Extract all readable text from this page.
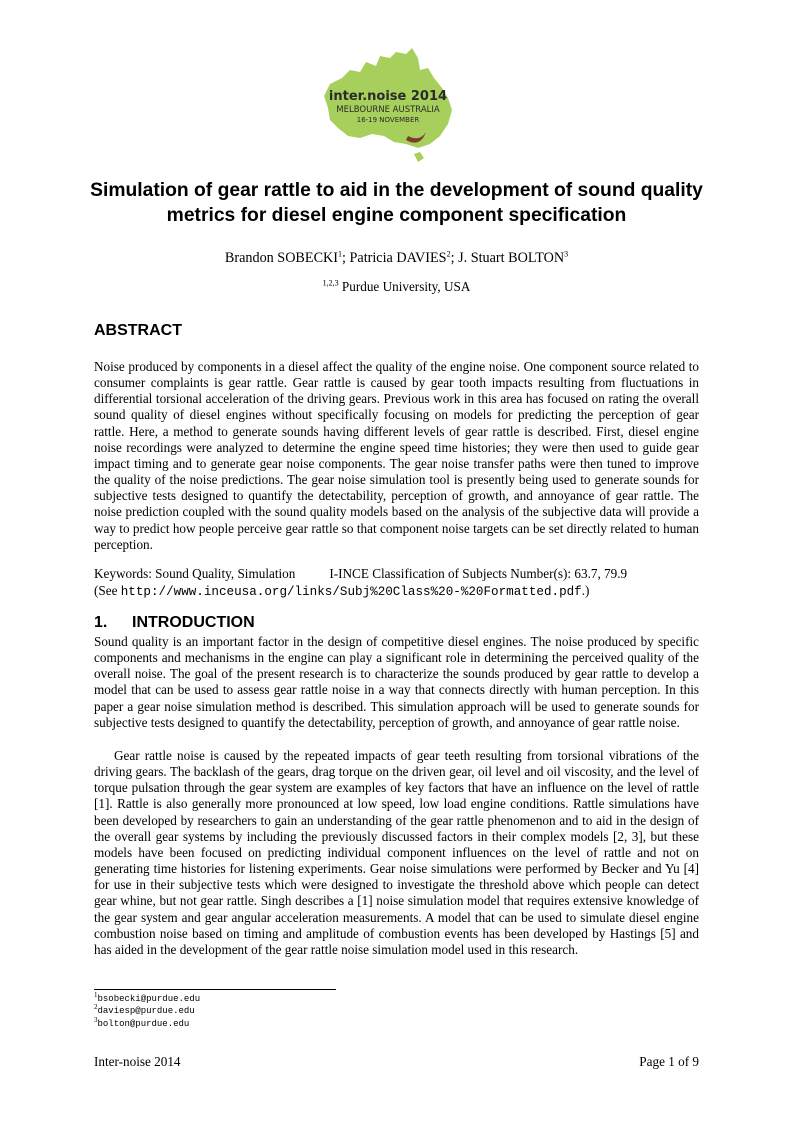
inter.noise 2014
MELBOURNE AUSTRALIA
16-19 NOVEMBER
Simulation of gear rattle to aid in the development of sound quality metrics for diesel engine component specification
Brandon SOBECKI$^1$; Patricia DAVIES$^2$; J. Stuart BOLTON$^3$
$^{1,2,3}$ Purdue University, USA
ABSTRACT
Noise produced by components in a diesel affect the quality of the engine noise. One component source related to consumer complaints is gear rattle. Gear rattle is caused by gear tooth impacts resulting from fluctuations in differential torsional acceleration of the driving gears. Previous work in this area has focused on rating the overall sound quality of diesel engines without specifically focusing on models for predicting the perception of gear rattle. Here, a method to generate sounds having different levels of gear rattle is described. First, diesel engine noise recordings were analyzed to determine the engine speed time histories; they were then used to guide gear impact timing and to generate gear noise components. The gear noise transfer paths were then tuned to improve the quality of the noise predictions. The gear noise simulation tool is presently being used to generate sounds for subjective tests designed to quantify the detectability, perception of growth, and annoyance of gear rattle. The noise prediction coupled with the sound quality models based on the analysis of the subjective data will provide a way to predict how people perceive gear rattle so that component noise targets can be set directly related to human perception.
Keywords: Sound Quality, Simulation	I-INCE Classification of Subjects Number(s): 63.7, 79.9
(See http://www.inceusa.org/links/Subj%20Class%20-%20Formatted.pdf.)
1. INTRODUCTION
Sound quality is an important factor in the design of competitive diesel engines. The noise produced by specific components and mechanisms in the engine can play a significant role in determining the perceived quality of the overall noise. The goal of the present research is to characterize the sounds produced by gear rattle to develop a model that can be used to assess gear rattle noise in a way that connects directly with human perception. In this paper a gear noise simulation method is described. This simulation approach will be used to generate sounds for subjective tests designed to quantify the detectability, perception of growth, and annoyance of gear rattle noise.
Gear rattle noise is caused by the repeated impacts of gear teeth resulting from torsional vibrations of the driving gears. The backlash of the gears, drag torque on the driven gear, oil level and oil viscosity, and the level of torque pulsation through the gear system are examples of key factors that have an influence on the level of rattle [1]. Rattle is also generally more pronounced at low speed, low load engine conditions. Rattle simulations have been developed by researchers to gain an understanding of the gear rattle phenomenon and to aid in the design of the overall gear systems by including the previously discussed factors in their complex models [2, 3], but these models have been focused on predicting individual component influences on the level of rattle and not on generating time histories for listening experiments. Gear noise simulations were performed by Becker and Yu [4] for use in their subjective tests which were designed to investigate the threshold above which people can detect gear whine, but not gear rattle. Singh describes a [1] noise simulation model that requires extensive knowledge of the gear system and gear angular acceleration measurements. A model that can be used to simulate diesel engine combustion noise based on timing and amplitude of combustion events has been developed by Hastings [5] and has aided in the development of the gear rattle noise simulation model used in this research.
$^1$bsobecki@purdue.edu
$^2$daviesp@purdue.edu
$^3$bolton@purdue.edu
Inter-noise 2014	Page 1 of 9
